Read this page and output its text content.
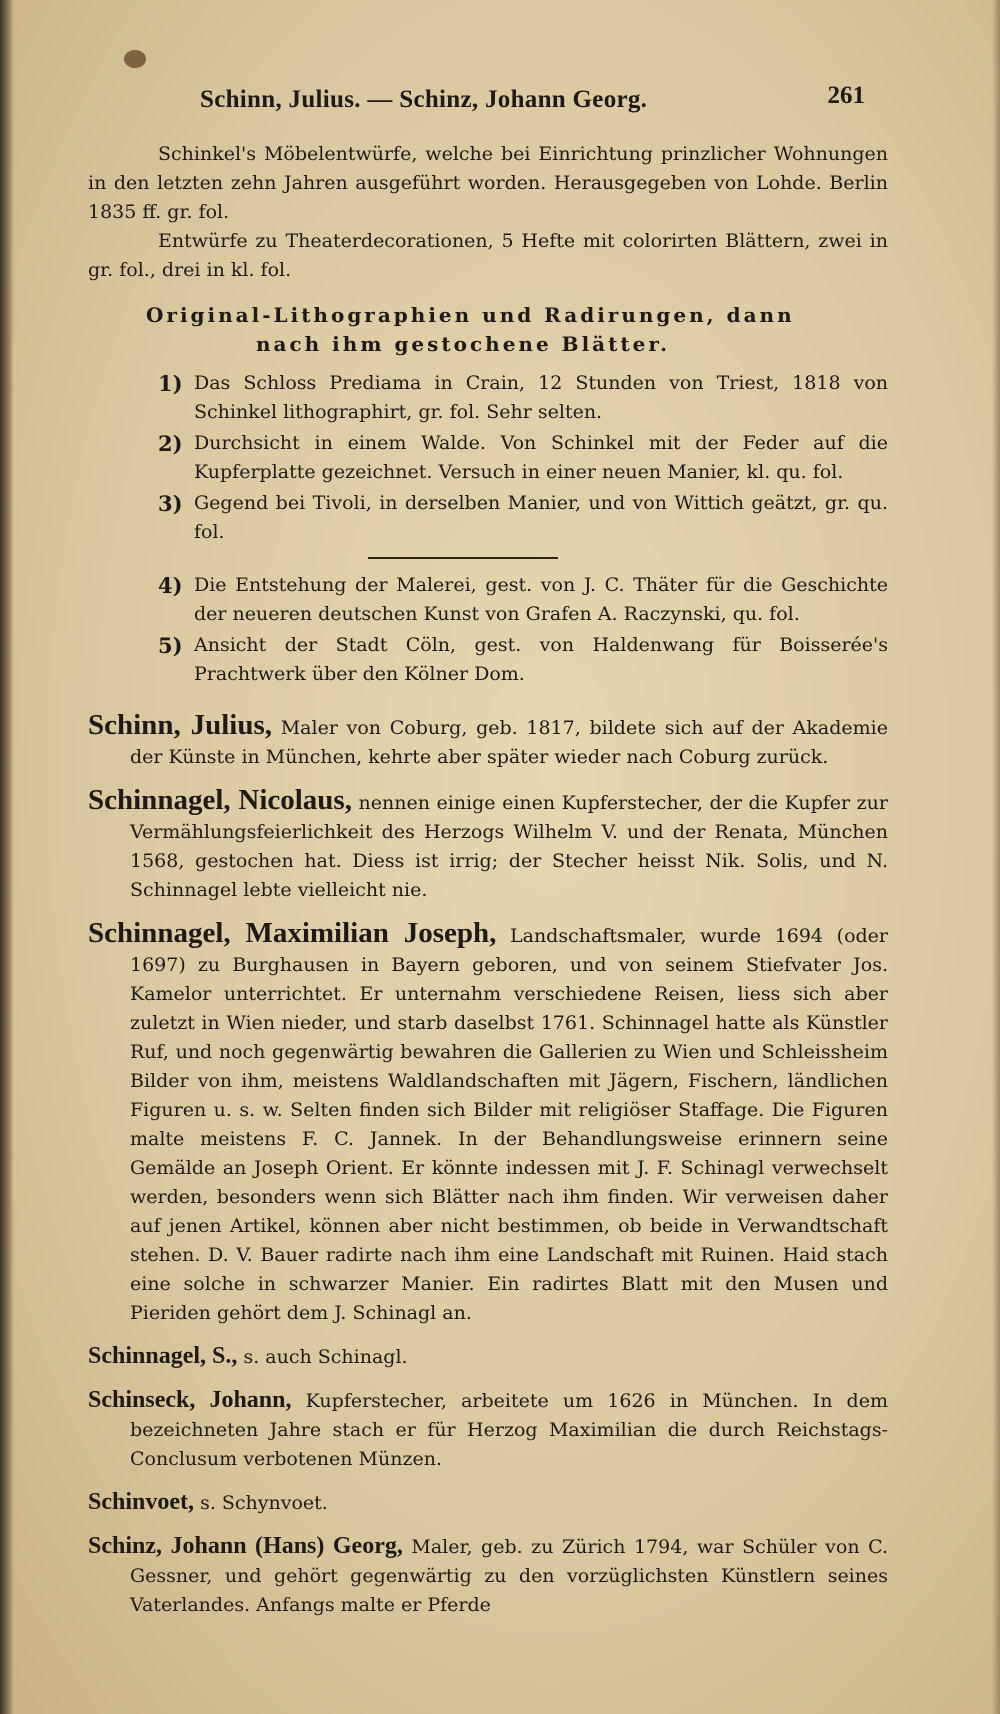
Schinn, Julius. — Schinz, Johann Georg.	261

Schinkel's Möbelentwürfe, welche bei Einrichtung prinzlicher Wohnungen in den letzten zehn Jahren ausgeführt worden. Herausgegeben von Lohde. Berlin 1835 ff. gr. fol.

Entwürfe zu Theaterdecorationen, 5 Hefte mit colorirten Blättern, zwei in gr. fol., drei in kl. fol.

Original-Lithographien und Radirungen, dann
nach ihm gestochene Blätter.
1) Das Schloss Prediama in Crain, 12 Stunden von Triest, 1818 von Schinkel lithographirt, gr. fol. Sehr selten.
2) Durchsicht in einem Walde. Von Schinkel mit der Feder auf die Kupferplatte gezeichnet. Versuch in einer neuen Manier, kl. qu. fol.
3) Gegend bei Tivoli, in derselben Manier, und von Wittich geätzt, gr. qu. fol.
4) Die Entstehung der Malerei, gest. von J. C. Thäter für die Geschichte der neueren deutschen Kunst von Grafen A. Raczynski, qu. fol.
5) Ansicht der Stadt Cöln, gest. von Haldenwang für Boisserée's Prachtwerk über den Kölner Dom.

Schinn, Julius, Maler von Coburg, geb. 1817, bildete sich auf der Akademie der Künste in München, kehrte aber später wieder nach Coburg zurück.

Schinnagel, Nicolaus, nennen einige einen Kupferstecher, der die Kupfer zur Vermählungsfeierlichkeit des Herzogs Wilhelm V. und der Renata, München 1568, gestochen hat. Diess ist irrig; der Stecher heisst Nik. Solis, und N. Schinnagel lebte vielleicht nie.

Schinnagel, Maximilian Joseph, Landschaftsmaler, wurde 1694 (oder 1697) zu Burghausen in Bayern geboren, und von seinem Stiefvater Jos. Kamelor unterrichtet. Er unternahm verschiedene Reisen, liess sich aber zuletzt in Wien nieder, und starb daselbst 1761. Schinnagel hatte als Künstler Ruf, und noch gegenwärtig bewahren die Gallerien zu Wien und Schleissheim Bilder von ihm, meistens Waldlandschaften mit Jägern, Fischern, ländlichen Figuren u. s. w. Selten finden sich Bilder mit religiöser Staffage. Die Figuren malte meistens F. C. Jannek. In der Behandlungsweise erinnern seine Gemälde an Joseph Orient. Er könnte indessen mit J. F. Schinagl verwechselt werden, besonders wenn sich Blätter nach ihm finden. Wir verweisen daher auf jenen Artikel, können aber nicht bestimmen, ob beide in Verwandtschaft stehen. D. V. Bauer radirte nach ihm eine Landschaft mit Ruinen. Haid stach eine solche in schwarzer Manier. Ein radirtes Blatt mit den Musen und Pieriden gehört dem J. Schinagl an.

Schinnagel, S., s. auch Schinagl.

Schinseck, Johann, Kupferstecher, arbeitete um 1626 in München. In dem bezeichneten Jahre stach er für Herzog Maximilian die durch Reichstags-Conclusum verbotenen Münzen.

Schinvoet, s. Schynvoet.

Schinz, Johann (Hans) Georg, Maler, geb. zu Zürich 1794, war Schüler von C. Gessner, und gehört gegenwärtig zu den vorzüglichsten Künstlern seines Vaterlandes. Anfangs malte er Pferde
